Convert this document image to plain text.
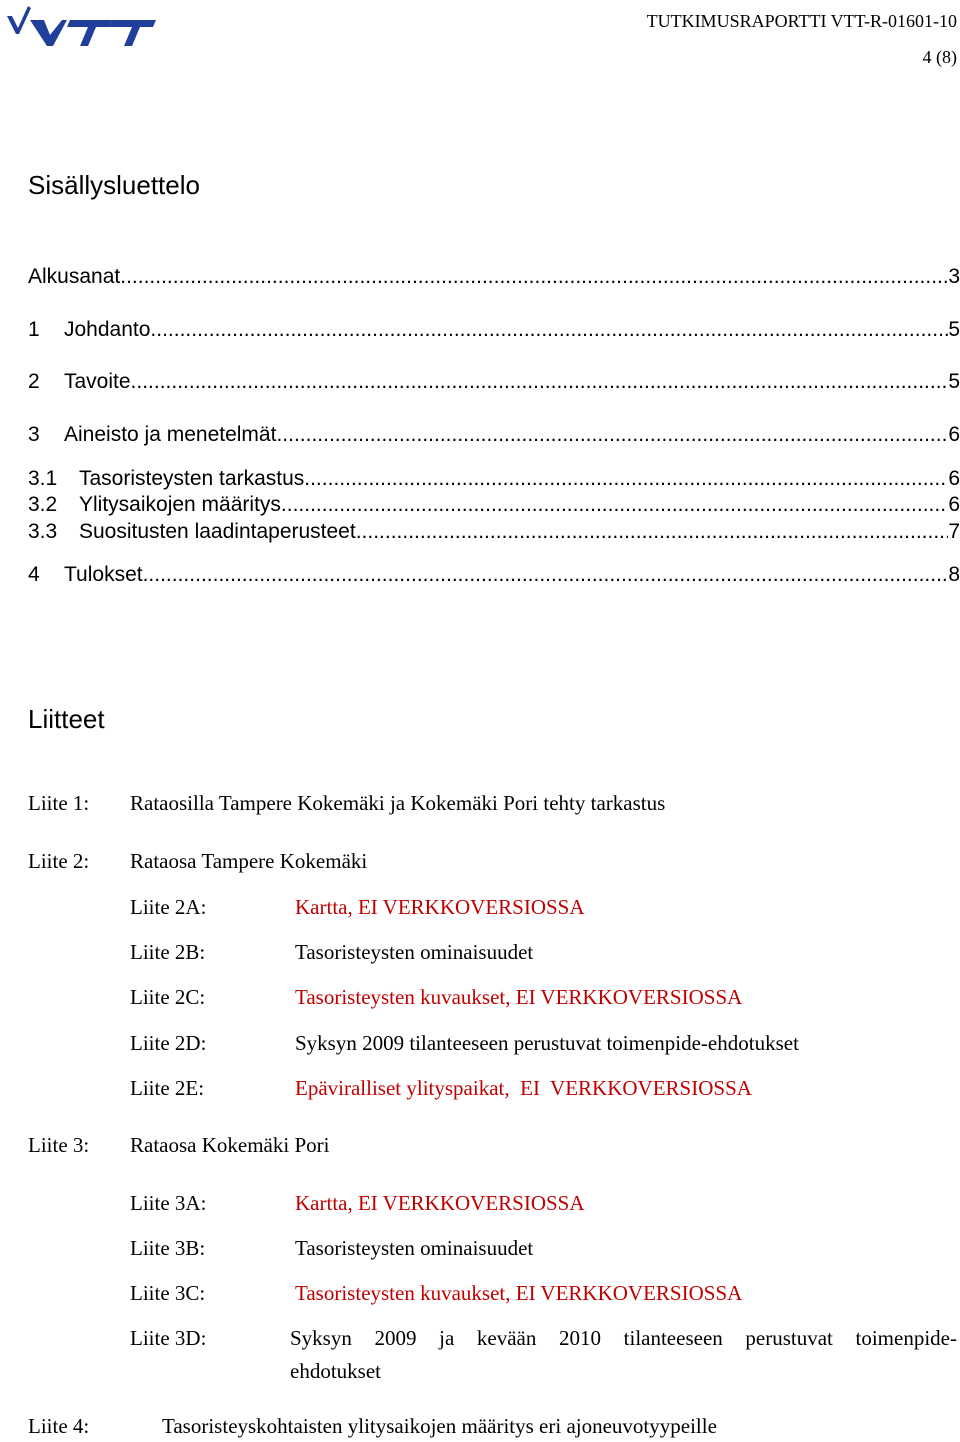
TUTKIMUSRAPORTTI VTT-R-01601-10
4 (8)
Sisällysluettelo
Alkusanat .....	3
1	Johdanto .....	5
2	Tavoite .....	5
3	Aineisto ja menetelmät .....	6
3.1	Tasoristeysten tarkastus .....	6
3.2	Ylitysaikojen määritys .....	6
3.3	Suositusten laadintaperusteet .....	7
4	Tulokset .....	8
Liitteet
Liite 1: Rataosilla Tampere Kokemäki ja Kokemäki Pori tehty tarkastus
Liite 2: Rataosa Tampere Kokemäki
Liite 2A:	Kartta, EI VERKKOVERSIOSSA
Liite 2B:	Tasoristeysten ominaisuudet
Liite 2C:	Tasoristeysten kuvaukset, EI VERKKOVERSIOSSA
Liite 2D:	Syksyn 2009 tilanteeseen perustuvat toimenpide-ehdotukset
Liite 2E:	Epäviralliset ylityspaikat,  EI  VERKKOVERSIOSSA
Liite 3: Rataosa Kokemäki Pori
Liite 3A:	Kartta, EI VERKKOVERSIOSSA
Liite 3B:	Tasoristeysten ominaisuudet
Liite 3C:	Tasoristeysten kuvaukset, EI VERKKOVERSIOSSA
Liite 3D:	Syksyn 2009 ja kevään 2010 tilanteeseen perustuvat toimenpide-
ehdotukset
Liite 4:	Tasoristeyskohtaisten ylitysaikojen määritys eri ajoneuvotyypeille
